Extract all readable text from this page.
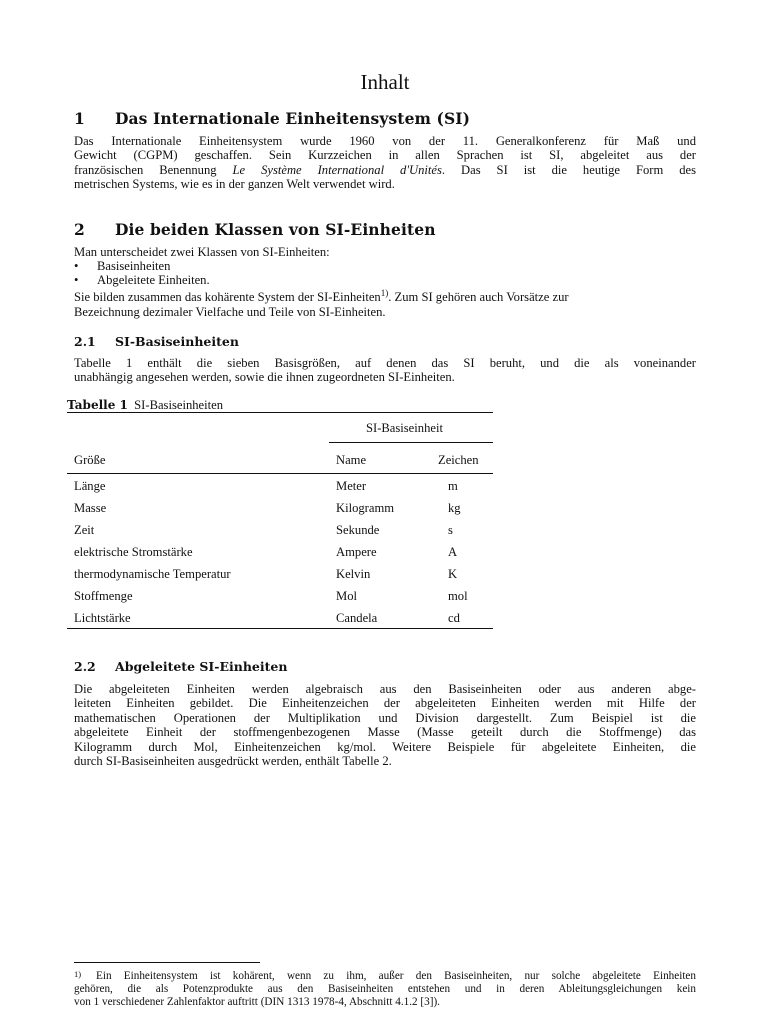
Inhalt
1 Das Internationale Einheitensystem (SI)
Das Internationale Einheitensystem wurde 1960 von der 11. Generalkonferenz für Maß und
Gewicht (CGPM) geschaffen. Sein Kurzzeichen in allen Sprachen ist SI, abgeleitet aus der
französischen Benennung Le Système International d'Unités. Das SI ist die heutige Form des
metrischen Systems, wie es in der ganzen Welt verwendet wird.
2 Die beiden Klassen von SI-Einheiten
Man unterscheidet zwei Klassen von SI-Einheiten:
• Basiseinheiten
• Abgeleitete Einheiten.
Sie bilden zusammen das kohärente System der SI-Einheiten$^{1)}$. Zum SI gehören auch Vorsätze zur
Bezeichnung dezimaler Vielfache und Teile von SI-Einheiten.
2.1 SI-Basiseinheiten
Tabelle 1 enthält die sieben Basisgrößen, auf denen das SI beruht, und die als voneinander
unabhängig angesehen werden, sowie die ihnen zugeordneten SI-Einheiten.
Tabelle 1 SI-Basiseinheiten
SI-Basiseinheit
Größe	Name	Zeichen
Länge	Meter	m
Masse	Kilogramm	kg
Zeit	Sekunde	s
elektrische Stromstärke	Ampere	A
thermodynamische Temperatur	Kelvin	K
Stoffmenge	Mol	mol
Lichtstärke	Candela	cd
2.2 Abgeleitete SI-Einheiten
Die abgeleiteten Einheiten werden algebraisch aus den Basiseinheiten oder aus anderen abge-
leiteten Einheiten gebildet. Die Einheitenzeichen der abgeleiteten Einheiten werden mit Hilfe der
mathematischen Operationen der Multiplikation und Division dargestellt. Zum Beispiel ist die
abgeleitete Einheit der stoffmengenbezogenen Masse (Masse geteilt durch die Stoffmenge) das
Kilogramm durch Mol, Einheitenzeichen kg/mol. Weitere Beispiele für abgeleitete Einheiten, die
durch SI-Basiseinheiten ausgedrückt werden, enthält Tabelle 2.
1)	Ein Einheitensystem ist kohärent, wenn zu ihm, außer den Basiseinheiten, nur solche abgeleitete Einheiten
gehören, die als Potenzprodukte aus den Basiseinheiten entstehen und in deren Ableitungsgleichungen kein
von 1 verschiedener Zahlenfaktor auftritt (DIN 1313 1978-4, Abschnitt 4.1.2 [3]).
